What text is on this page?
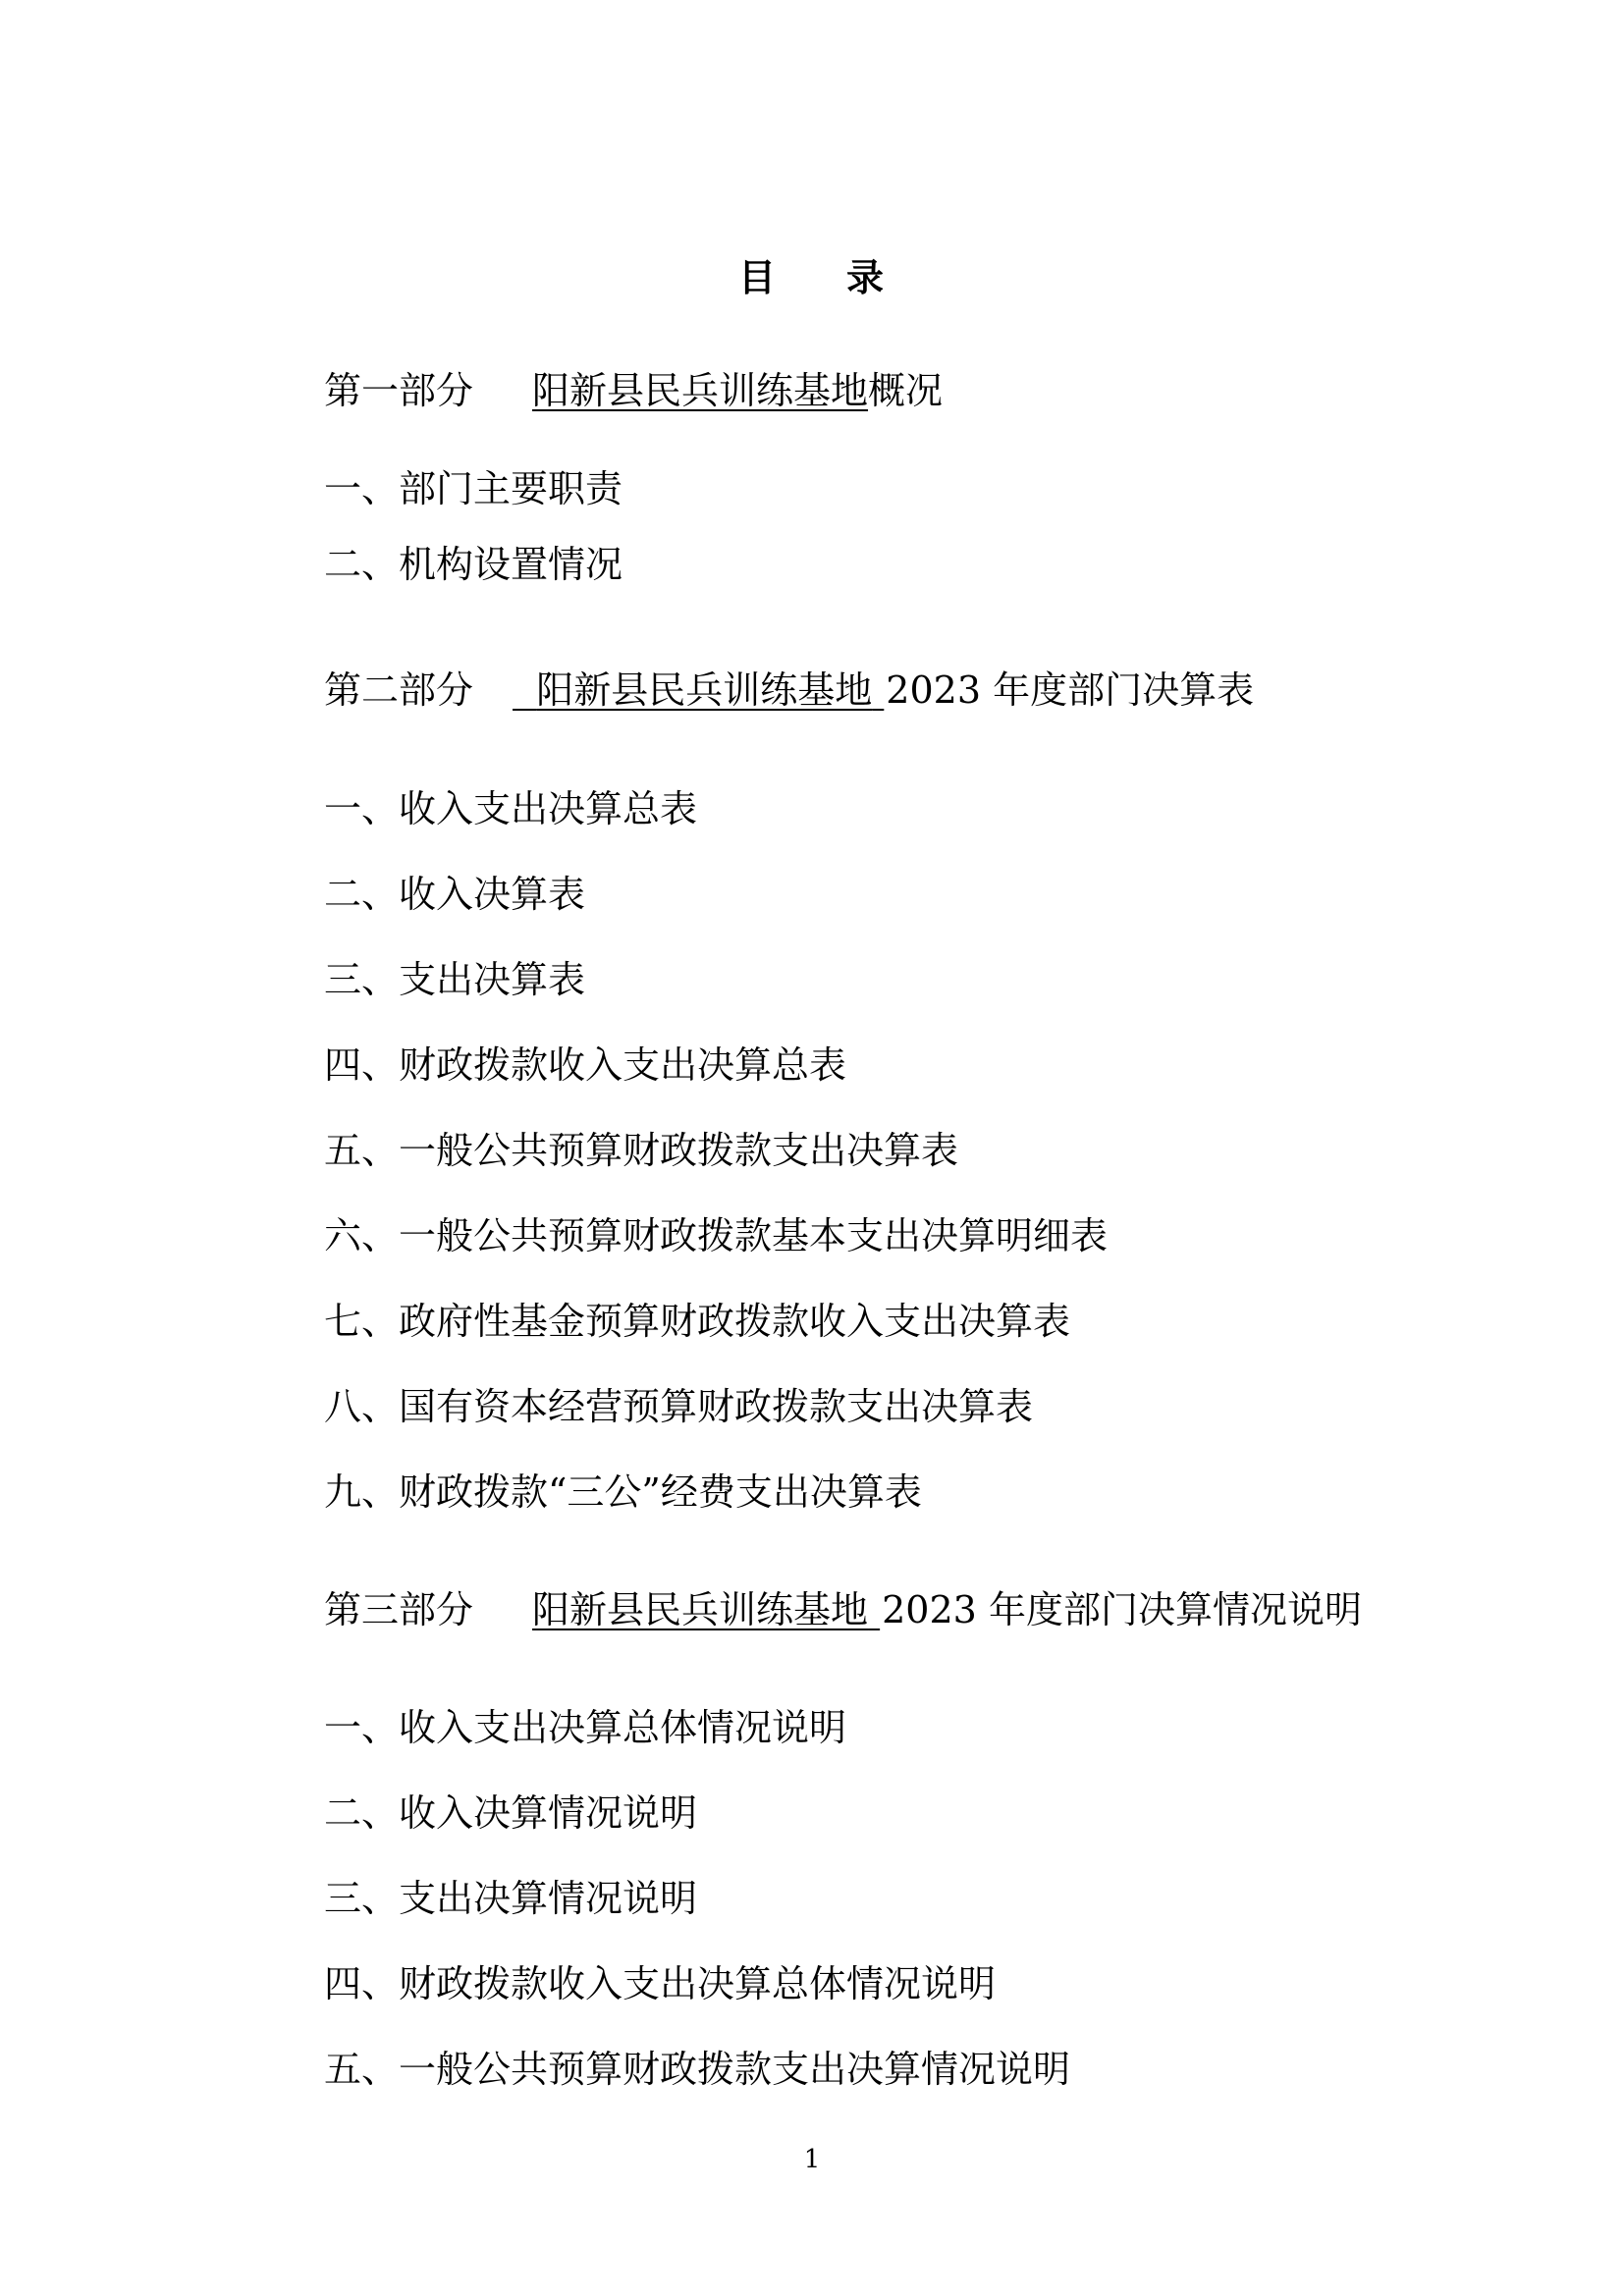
目 录
第一部分 阳新县民兵训练基地概况
一、部门主要职责
二、机构设置情况
第二部分 阳新县民兵训练基地 2023 年度部门决算表
一、收入支出决算总表
二、收入决算表
三、支出决算表
四、财政拨款收入支出决算总表
五、一般公共预算财政拨款支出决算表
六、一般公共预算财政拨款基本支出决算明细表
七、政府性基金预算财政拨款收入支出决算表
八、国有资本经营预算财政拨款支出决算表
九、财政拨款“三公”经费支出决算表
第三部分 阳新县民兵训练基地 2023 年度部门决算情况说明
一、收入支出决算总体情况说明
二、收入决算情况说明
三、支出决算情况说明
四、财政拨款收入支出决算总体情况说明
五、一般公共预算财政拨款支出决算情况说明
1
